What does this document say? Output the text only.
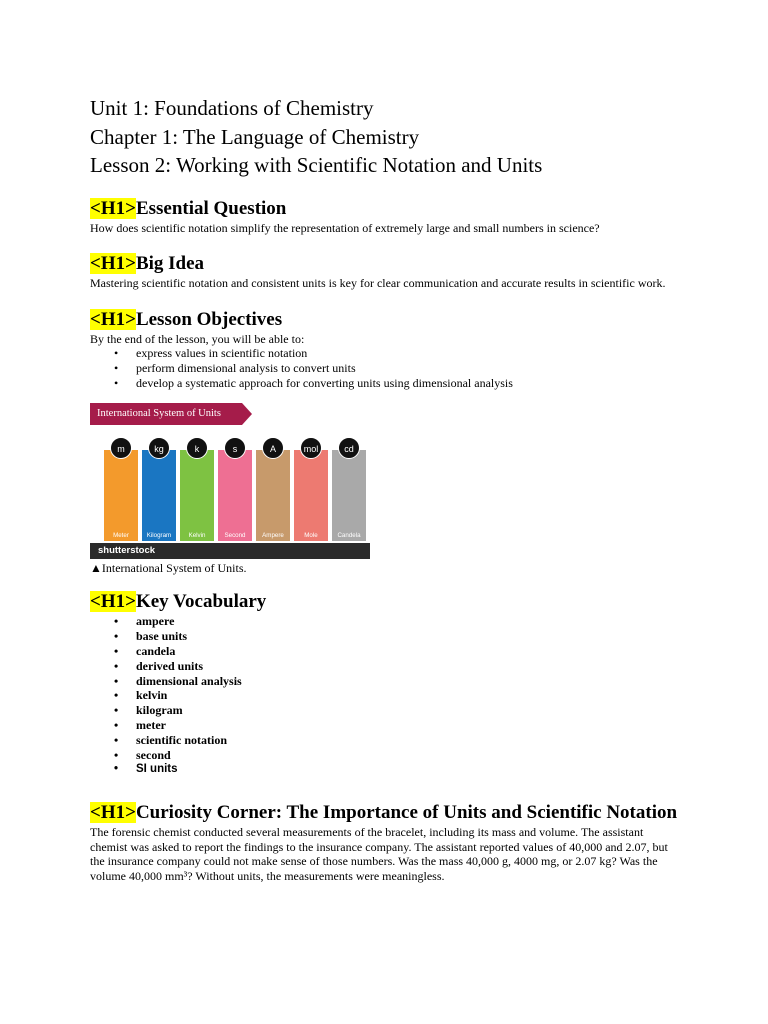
Unit 1: Foundations of Chemistry
Chapter 1: The Language of Chemistry
Lesson 2: Working with Scientific Notation and Units
<H1>Essential Question
How does scientific notation simplify the representation of extremely large and small numbers in science?
<H1>Big Idea
Mastering scientific notation and consistent units is key for clear communication and accurate results in scientific work.
<H1>Lesson Objectives
By the end of the lesson, you will be able to:
• express values in scientific notation
• perform dimensional analysis to convert units
• develop a systematic approach for converting units using dimensional analysis
International System of Units
Meter
m
Kilogram
kg
Kelvin
k
Second
s
Ampere
A
Mole
mol
Candela
cd
shutterstock
▲International System of Units.
<H1>Key Vocabulary
• ampere
• base units
• candela
• derived units
• dimensional analysis
• kelvin
• kilogram
• meter
• scientific notation
• second
• SI units
<H1>Curiosity Corner: The Importance of Units and Scientific Notation
The forensic chemist conducted several measurements of the bracelet, including its mass and volume. The assistant chemist was asked to report the findings to the insurance company. The assistant reported values of 40,000 and 2.07, but the insurance company could not make sense of those numbers. Was the mass 40,000 g, 4000 mg, or 2.07 kg? Was the volume 40,000 mm³? Without units, the measurements were meaningless.
